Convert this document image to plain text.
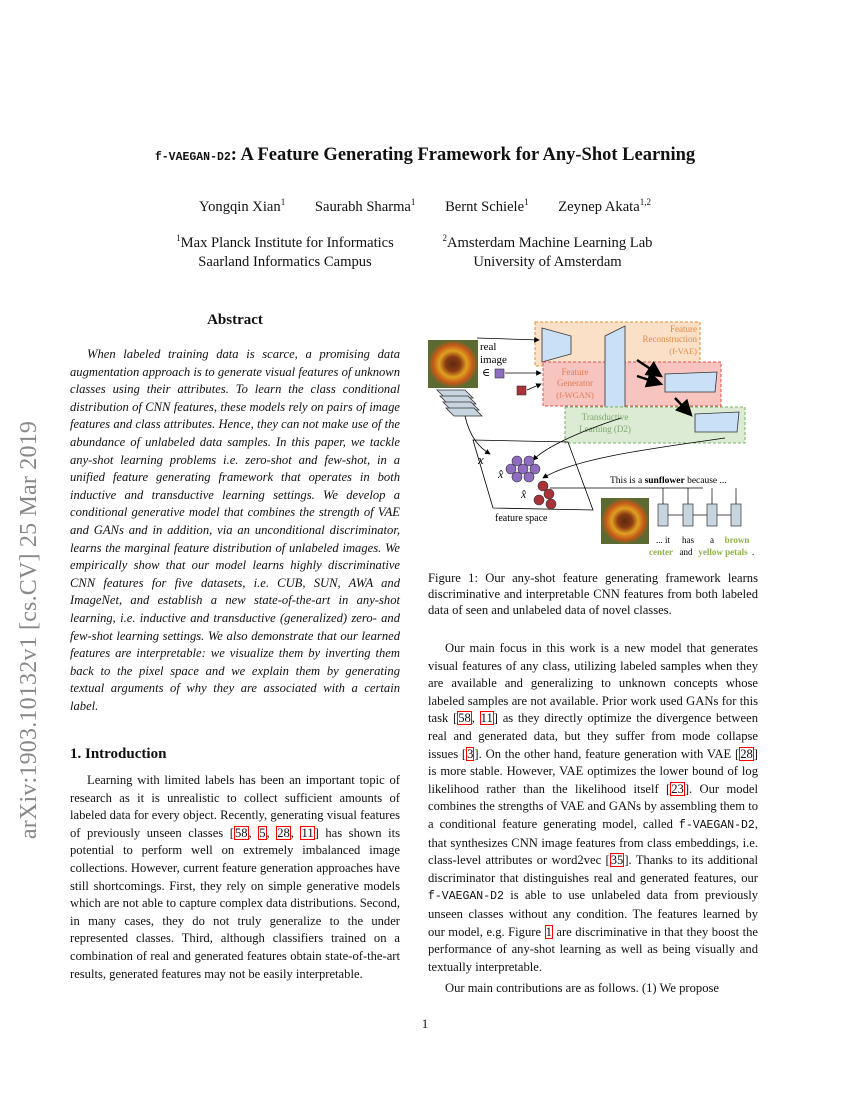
arXiv:1903.10132v1 [cs.CV] 25 Mar 2019
f-VAEGAN-D2: A Feature Generating Framework for Any-Shot Learning
Yongqin Xian$^1$ Saurabh Sharma$^1$ Bernt Schiele$^1$ Zeynep Akata$^{1,2}$
$^1$Max Planck Institute for Informatics
Saarland Informatics Campus
$^2$Amsterdam Machine Learning Lab
University of Amsterdam
Abstract

When labeled training data is scarce, a promising data augmentation approach is to generate visual features of unknown classes using their attributes. To learn the class conditional distribution of CNN features, these models rely on pairs of image features and class attributes. Hence, they can not make use of the abundance of unlabeled data samples. In this paper, we tackle any-shot learning problems i.e. zero-shot and few-shot, in a unified feature generating framework that operates in both inductive and transductive learning settings. We develop a conditional generative model that combines the strength of VAE and GANs and in addition, via an unconditional discriminator, learns the marginal feature distribution of unlabeled images. We empirically show that our model learns highly discriminative CNN features for five datasets, i.e. CUB, SUN, AWA and ImageNet, and establish a new state-of-the-art in any-shot learning, i.e. inductive and transductive (generalized) zero- and few-shot learning settings. We also demonstrate that our learned features are interpretable: we visualize them by inverting them back to the pixel space and we explain them by generating textual arguments of why they are associated with a certain label.

1. Introduction

Learning with limited labels has been an important topic of research as it is unrealistic to collect sufficient amounts of labeled data for every object. Recently, generating visual features of previously unseen classes [58, 5, 28, 11] has shown its potential to perform well on extremely imbalanced image collections. However, current feature generation approaches have still shortcomings. First, they rely on simple generative models which are not able to capture complex data distributions. Second, in many cases, they do not truly generalize to the under represented classes. Third, although classifiers trained on a combination of real and generated features obtain state-of-the-art results, generated features may not be easily interpretable.

real
image
∈
Feature
Reconstruction
(f-VAE)
Feature
Generator
(f-WGAN)
Transductive
Learning (D2)
x
x̂
x̂
feature space
This is a sunflower because ...
... it has a brown
center and yellow petals .
Figure 1: Our any-shot feature generating framework learns discriminative and interpretable CNN features from both labeled data of seen and unlabeled data of novel classes.

Our main focus in this work is a new model that generates visual features of any class, utilizing labeled samples when they are available and generalizing to unknown concepts whose labeled samples are not available. Prior work used GANs for this task [58, 11] as they directly optimize the divergence between real and generated data, but they suffer from mode collapse issues [3]. On the other hand, feature generation with VAE [28] is more stable. However, VAE optimizes the lower bound of log likelihood rather than the likelihood itself [23]. Our model combines the strengths of VAE and GANs by assembling them to a conditional feature generating model, called f-VAEGAN-D2, that synthesizes CNN image features from class embeddings, i.e. class-level attributes or word2vec [35]. Thanks to its additional discriminator that distinguishes real and generated features, our f-VAEGAN-D2 is able to use unlabeled data from previously unseen classes without any condition. The features learned by our model, e.g. Figure 1 are discriminative in that they boost the performance of any-shot learning as well as being visually and textually interpretable.

Our main contributions are as follows. (1) We propose

1
